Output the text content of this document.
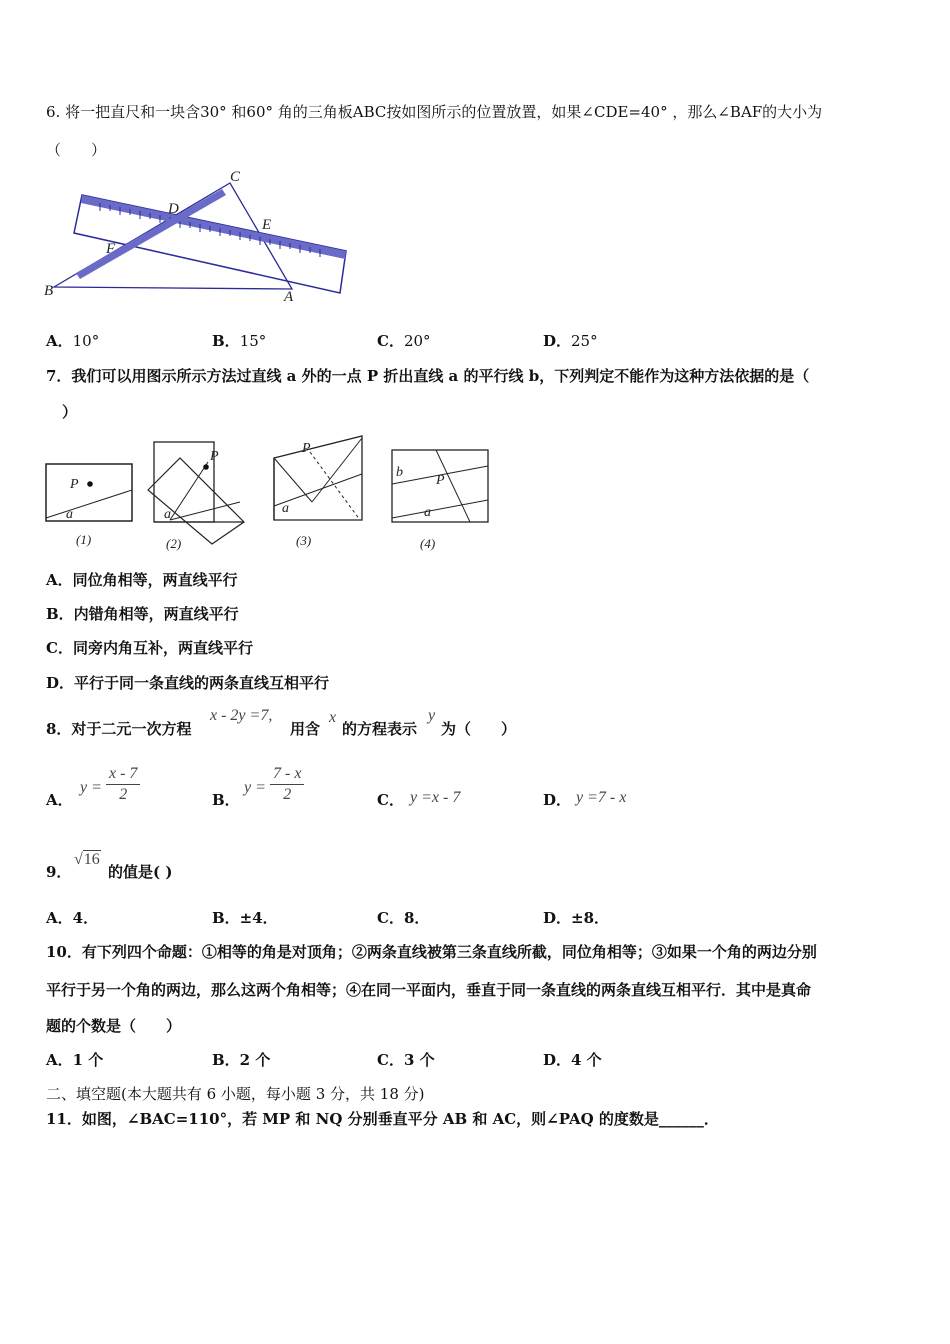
6. 将一把直尺和一块含30° 和60° 角的三角板ABC按如图所示的位置放置，如果∠CDE=40° ，那么∠BAF的大小为
（　　）
B
C
A
D
E
F
A．10°	B．15°	C．20°	D．25°
7．我们可以用图示所示方法过直线 a 外的一点 P 折出直线 a 的平行线 b，下列判定不能作为这种方法依据的是（
）
P
a
(1)
P
a
(2)
P
a
(3)
b
P
a
(4)
A．同位角相等，两直线平行
B．内错角相等，两直线平行
C．同旁内角互补，两直线平行
D．平行于同一条直线的两条直线互相平行
8．对于二元一次方程
x - 2y =7,
用含
x
的方程表示
y
为（　　）
A．
$y = \frac{x - 7}{2}$	B．
$y = \frac{7 - x}{2}$	C． y =x - 7	D． y =7 - x
9．
√16
的值是( )
A．4．	B．±4．	C．8．	D．±8．
10．有下列四个命题：①相等的角是对顶角；②两条直线被第三条直线所截，同位角相等；③如果一个角的两边分别
平行于另一个角的两边，那么这两个角相等；④在同一平面内，垂直于同一条直线的两条直线互相平行．其中是真命
题的个数是（　　）
A．1 个	B．2 个	C．3 个	D．4 个
二、填空题(本大题共有 6 小题，每小题 3 分，共 18 分)
11．如图，∠BAC=110°，若 MP 和 NQ 分别垂直平分 AB 和 AC，则∠PAQ 的度数是______．
